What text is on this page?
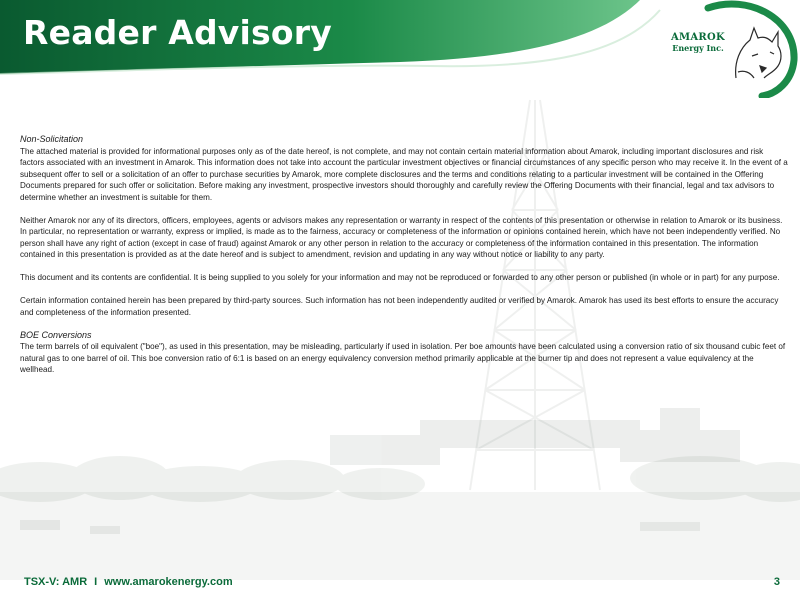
Reader Advisory	AMAROK
Energy Inc.
Non-Solicitation

The attached material is provided for informational purposes only as of the date hereof, is not complete, and may not contain certain material information about Amarok, including important disclosures and risk factors associated with an investment in Amarok. This information does not take into account the particular investment objectives or financial circumstances of any specific person who may receive it. In the event of a subsequent offer to sell or a solicitation of an offer to purchase securities by Amarok, more complete disclosures and the terms and conditions relating to a particular investment will be contained in the Offering Documents prepared for such offer or solicitation. Before making any investment, prospective investors should thoroughly and carefully review the Offering Documents with their financial, legal and tax advisors to determine whether an investment is suitable for them.

Neither Amarok nor any of its directors, officers, employees, agents or advisors makes any representation or warranty in respect of the contents of this presentation or otherwise in relation to Amarok or its business. In particular, no representation or warranty, express or implied, is made as to the fairness, accuracy or completeness of the information or opinions contained herein, which have not been independently verified. No person shall have any right of action (except in case of fraud) against Amarok or any other person in relation to the accuracy or completeness of the information contained in this presentation. The information contained in this presentation is provided as at the date hereof and is subject to amendment, revision and updating in any way without notice or liability to any party.

This document and its contents are confidential. It is being supplied to you solely for your information and may not be reproduced or forwarded to any other person or published (in whole or in part) for any purpose.

Certain information contained herein has been prepared by third-party sources. Such information has not been independently audited or verified by Amarok. Amarok has used its best efforts to ensure the accuracy and completeness of the information presented.

BOE Conversions

The term barrels of oil equivalent ("boe"), as used in this presentation, may be misleading, particularly if used in isolation. Per boe amounts have been calculated using a conversion ratio of six thousand cubic feet of natural gas to one barrel of oil. This boe conversion ratio of 6:1 is based on an energy equivalency conversion method primarily applicable at the burner tip and does not represent a value equivalency at the wellhead.

TSX-V: AMR I www.amarokenergy.com	3
